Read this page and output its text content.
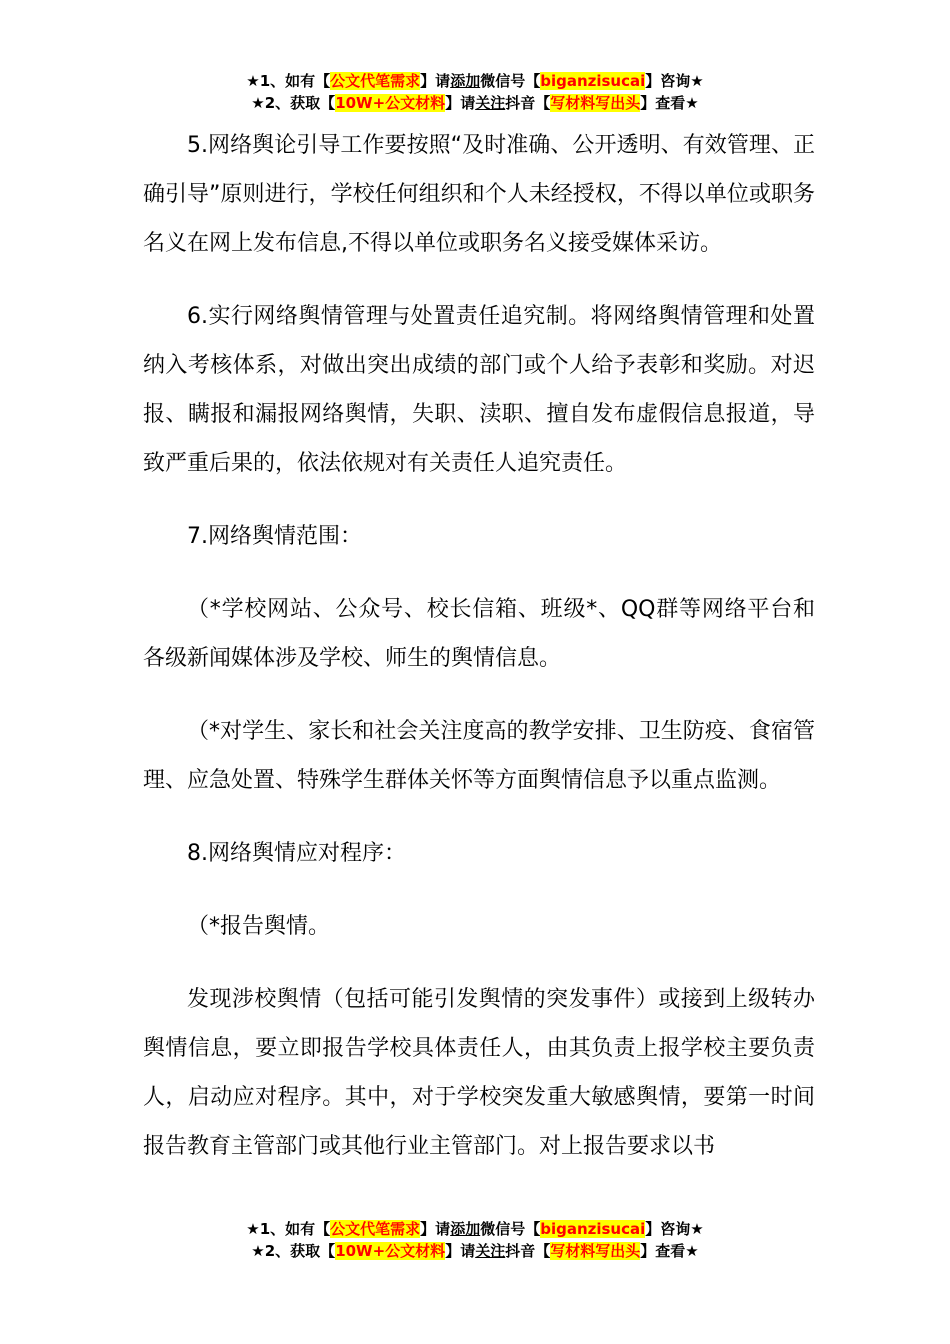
★1、如有【公文代笔需求】请添加微信号【biganzisucai】咨询★
★2、获取【10W+公文材料】请关注抖音【写材料写出头】查看★

5.网络舆论引导工作要按照“及时准确、公开透明、有效管理、正确引导”原则进行，学校任何组织和个人未经授权，不得以单位或职务名义在网上发布信息,不得以单位或职务名义接受媒体采访。

6.实行网络舆情管理与处置责任追究制。将网络舆情管理和处置纳入考核体系，对做出突出成绩的部门或个人给予表彰和奖励。对迟报、瞒报和漏报网络舆情，失职、渎职、擅自发布虚假信息报道，导致严重后果的，依法依规对有关责任人追究责任。

7.网络舆情范围：

（*学校网站、公众号、校长信箱、班级*、QQ群等网络平台和各级新闻媒体涉及学校、师生的舆情信息。

（*对学生、家长和社会关注度高的教学安排、卫生防疫、食宿管理、应急处置、特殊学生群体关怀等方面舆情信息予以重点监测。

8.网络舆情应对程序：

（*报告舆情。

发现涉校舆情（包括可能引发舆情的突发事件）或接到上级转办舆情信息，要立即报告学校具体责任人，由其负责上报学校主要负责人，启动应对程序。其中，对于学校突发重大敏感舆情，要第一时间报告教育主管部门或其他行业主管部门。对上报告要求以书

★1、如有【公文代笔需求】请添加微信号【biganzisucai】咨询★
★2、获取【10W+公文材料】请关注抖音【写材料写出头】查看★
